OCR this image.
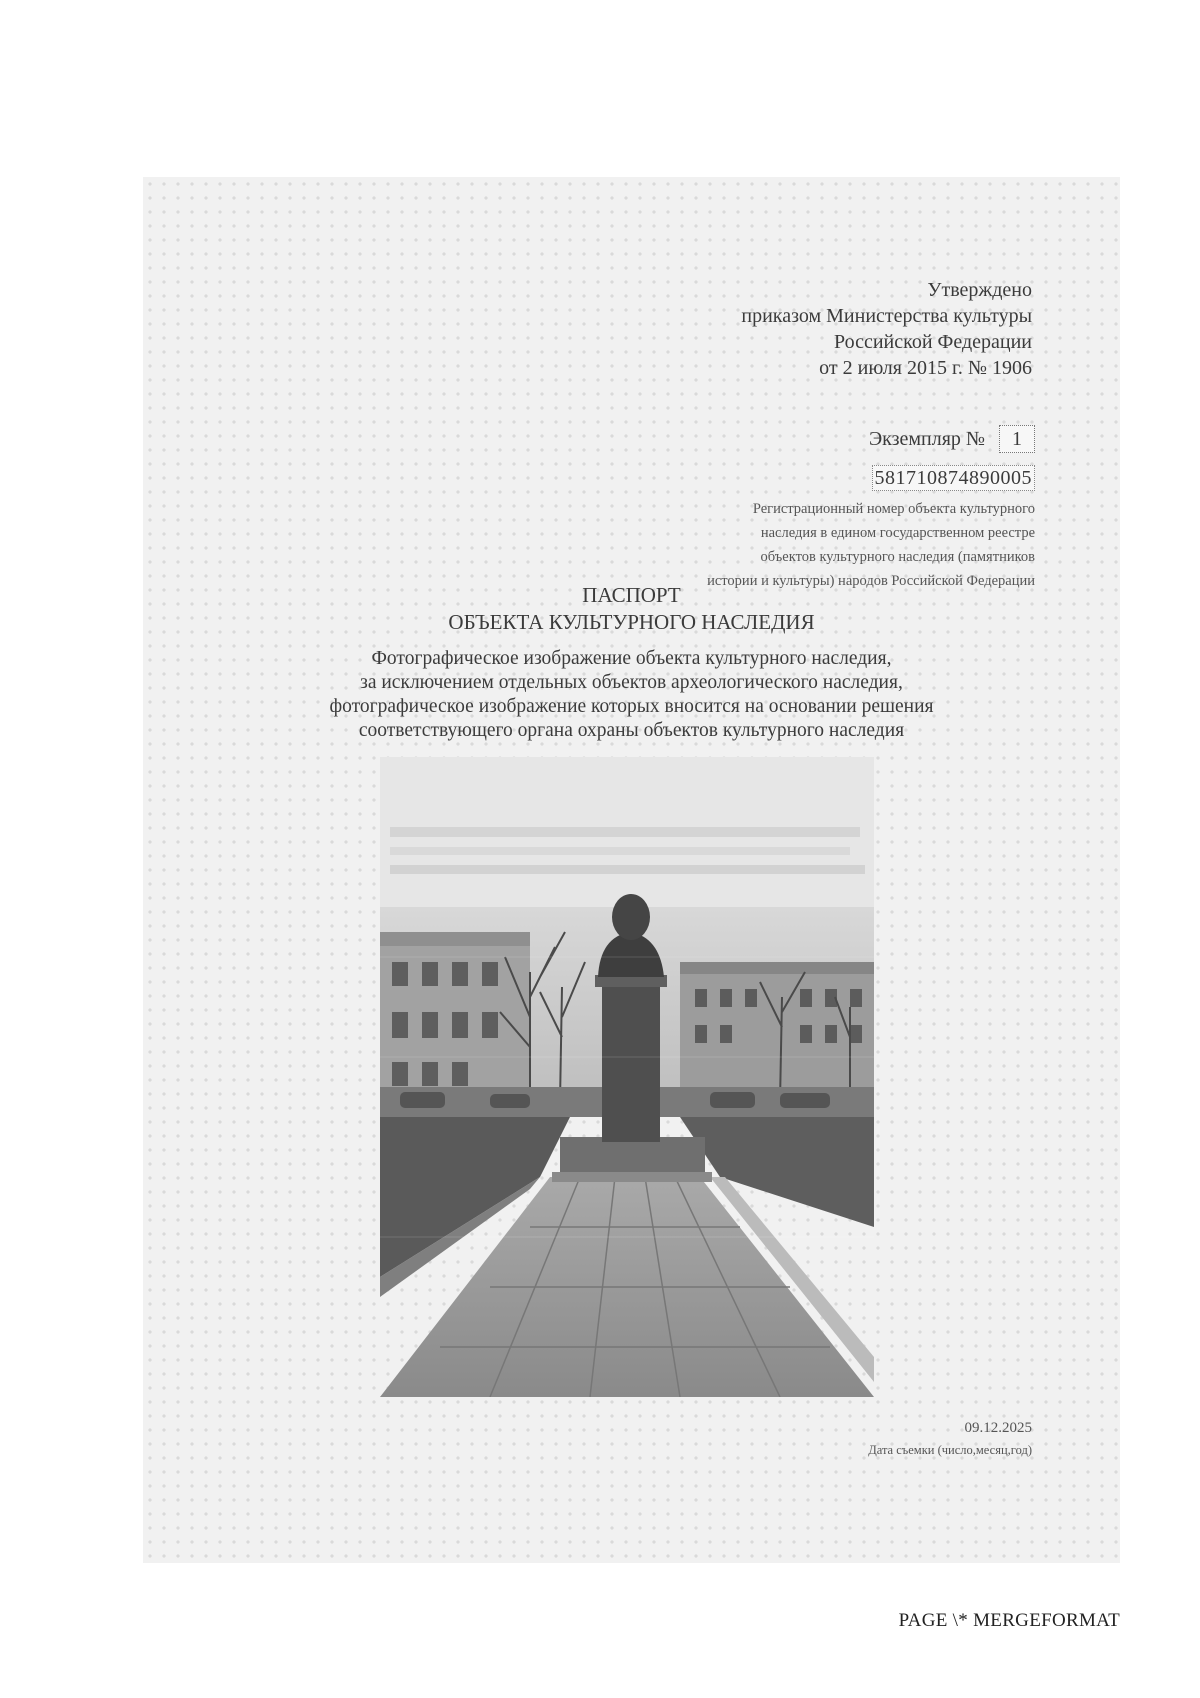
Утверждено
приказом Министерства культуры
Российской Федерации
от 2 июля 2015 г. № 1906
Экземпляр №	1
581710874890005
Регистрационный номер объекта культурного
наследия в едином государственном реестре
объектов культурного наследия (памятников
истории и культуры) народов Российской Федерации
ПАСПОРТ
ОБЪЕКТА КУЛЬТУРНОГО НАСЛЕДИЯ
Фотографическое изображение объекта культурного наследия,
за исключением отдельных объектов археологического наследия,
фотографическое изображение которых вносится на основании решения
соответствующего органа охраны объектов культурного наследия
09.12.2025
Дата съемки (число,месяц,год)
PAGE \* MERGEFORMAT
